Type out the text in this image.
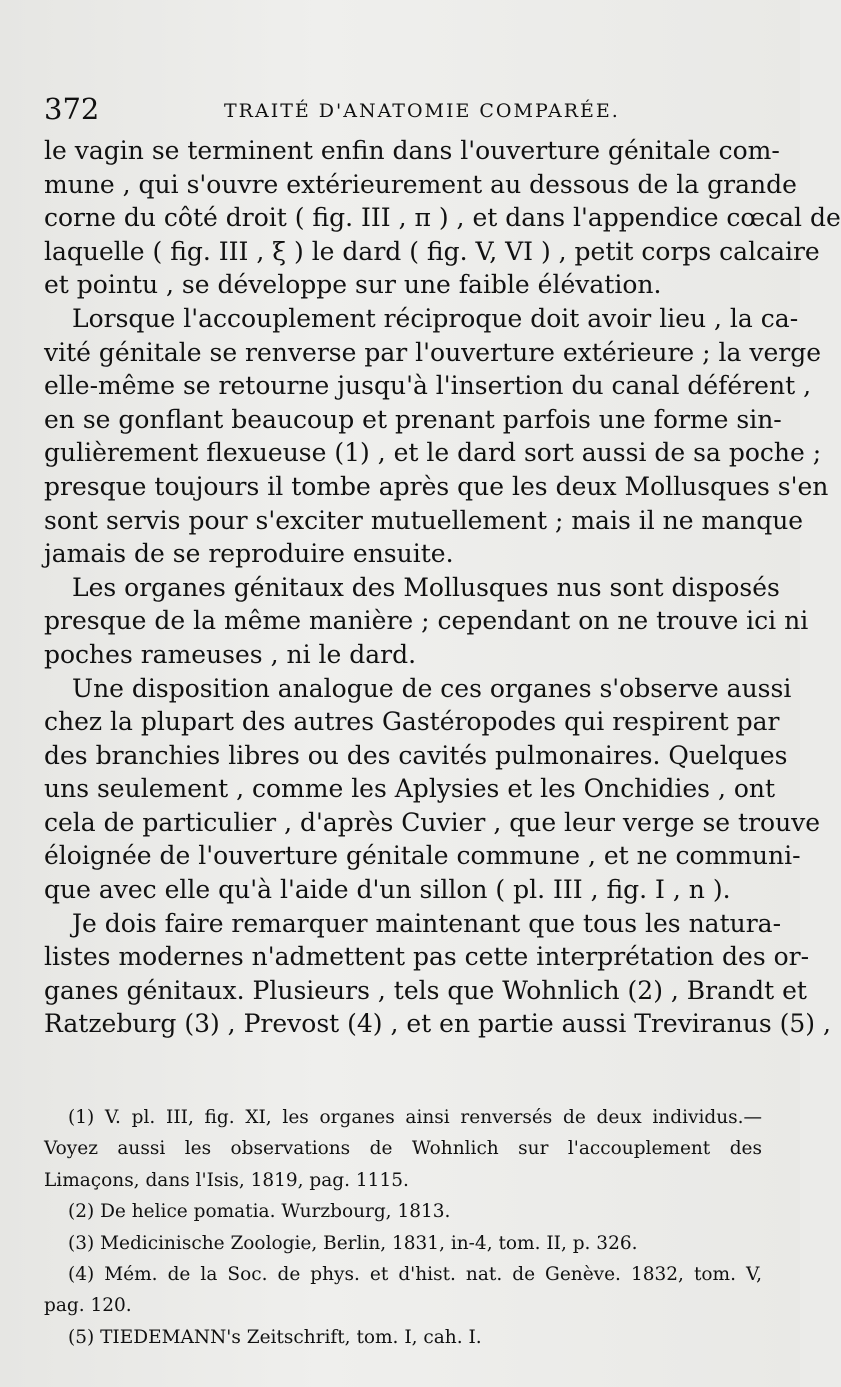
372	TRAITÉ D'ANATOMIE COMPARÉE.
le vagin se terminent enfin dans l'ouverture génitale com-
mune , qui s'ouvre extérieurement au dessous de la grande
corne du côté droit ( fig. III , π ) , et dans l'appendice cœcal de
laquelle ( fig. III , ξ ) le dard ( fig. V, VI ) , petit corps calcaire
et pointu , se développe sur une faible élévation.
Lorsque l'accouplement réciproque doit avoir lieu , la ca-
vité génitale se renverse par l'ouverture extérieure ; la verge
elle-même se retourne jusqu'à l'insertion du canal déférent ,
en se gonflant beaucoup et prenant parfois une forme sin-
gulièrement flexueuse (1) , et le dard sort aussi de sa poche ;
presque toujours il tombe après que les deux Mollusques s'en
sont servis pour s'exciter mutuellement ; mais il ne manque
jamais de se reproduire ensuite.
Les organes génitaux des Mollusques nus sont disposés
presque de la même manière ; cependant on ne trouve ici ni
poches rameuses , ni le dard.
Une disposition analogue de ces organes s'observe aussi
chez la plupart des autres Gastéropodes qui respirent par
des branchies libres ou des cavités pulmonaires. Quelques
uns seulement , comme les Aplysies et les Onchidies , ont
cela de particulier , d'après Cuvier , que leur verge se trouve
éloignée de l'ouverture génitale commune , et ne communi-
que avec elle qu'à l'aide d'un sillon ( pl. III , fig. I , n ).
Je dois faire remarquer maintenant que tous les natura-
listes modernes n'admettent pas cette interprétation des or-
ganes génitaux. Plusieurs , tels que Wohnlich (2) , Brandt et
Ratzeburg (3) , Prevost (4) , et en partie aussi Treviranus (5) ,
(1) V. pl. III, fig. XI, les organes ainsi renversés de deux individus.—
Voyez aussi les observations de Wohnlich sur l'accouplement des
Limaçons, dans l'Isis, 1819, pag. 1115.
(2) De helice pomatia. Wurzbourg, 1813.
(3) Medicinische Zoologie, Berlin, 1831, in-4, tom. II, p. 326.
(4) Mém. de la Soc. de phys. et d'hist. nat. de Genève. 1832, tom. V,
pag. 120.
(5) TIEDEMANN's Zeitschrift, tom. I, cah. I.
